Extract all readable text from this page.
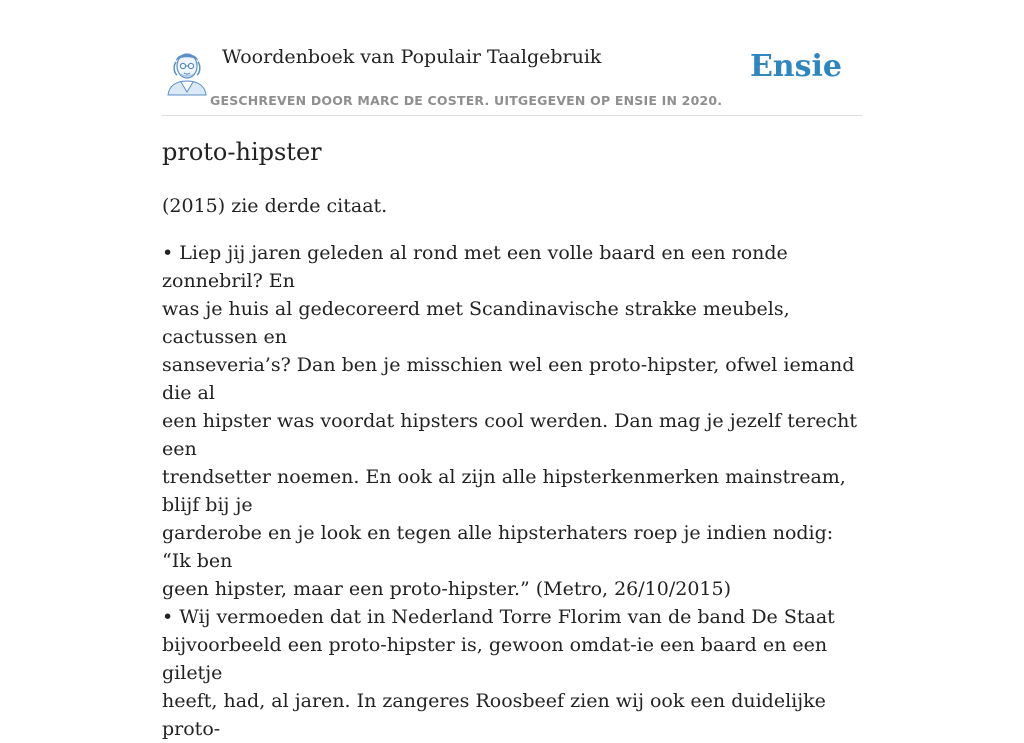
Woordenboek van Populair Taalgebruik
GESCHREVEN DOOR MARC DE COSTER. UITGEGEVEN OP ENSIE IN 2020.
Ensie
proto-hipster

(2015) zie derde citaat.

• Liep jij jaren geleden al rond met een volle baard en een ronde zonnebril? En
was je huis al gedecoreerd met Scandinavische strakke meubels, cactussen en
sanseveria’s? Dan ben je misschien wel een proto-hipster, ofwel iemand die al
een hipster was voordat hipsters cool werden. Dan mag je jezelf terecht een
trendsetter noemen. En ook al zijn alle hipsterkenmerken mainstream, blijf bij je
garderobe en je look en tegen alle hipsterhaters roep je indien nodig: “Ik ben
geen hipster, maar een proto-hipster.” (Metro, 26/10/2015)
• Wij vermoeden dat in Nederland Torre Florim van de band De Staat
bijvoorbeeld een proto-hipster is, gewoon omdat-ie een baard en een giletje
heeft, had, al jaren. In zangeres Roosbeef zien wij ook een duidelijke proto-
